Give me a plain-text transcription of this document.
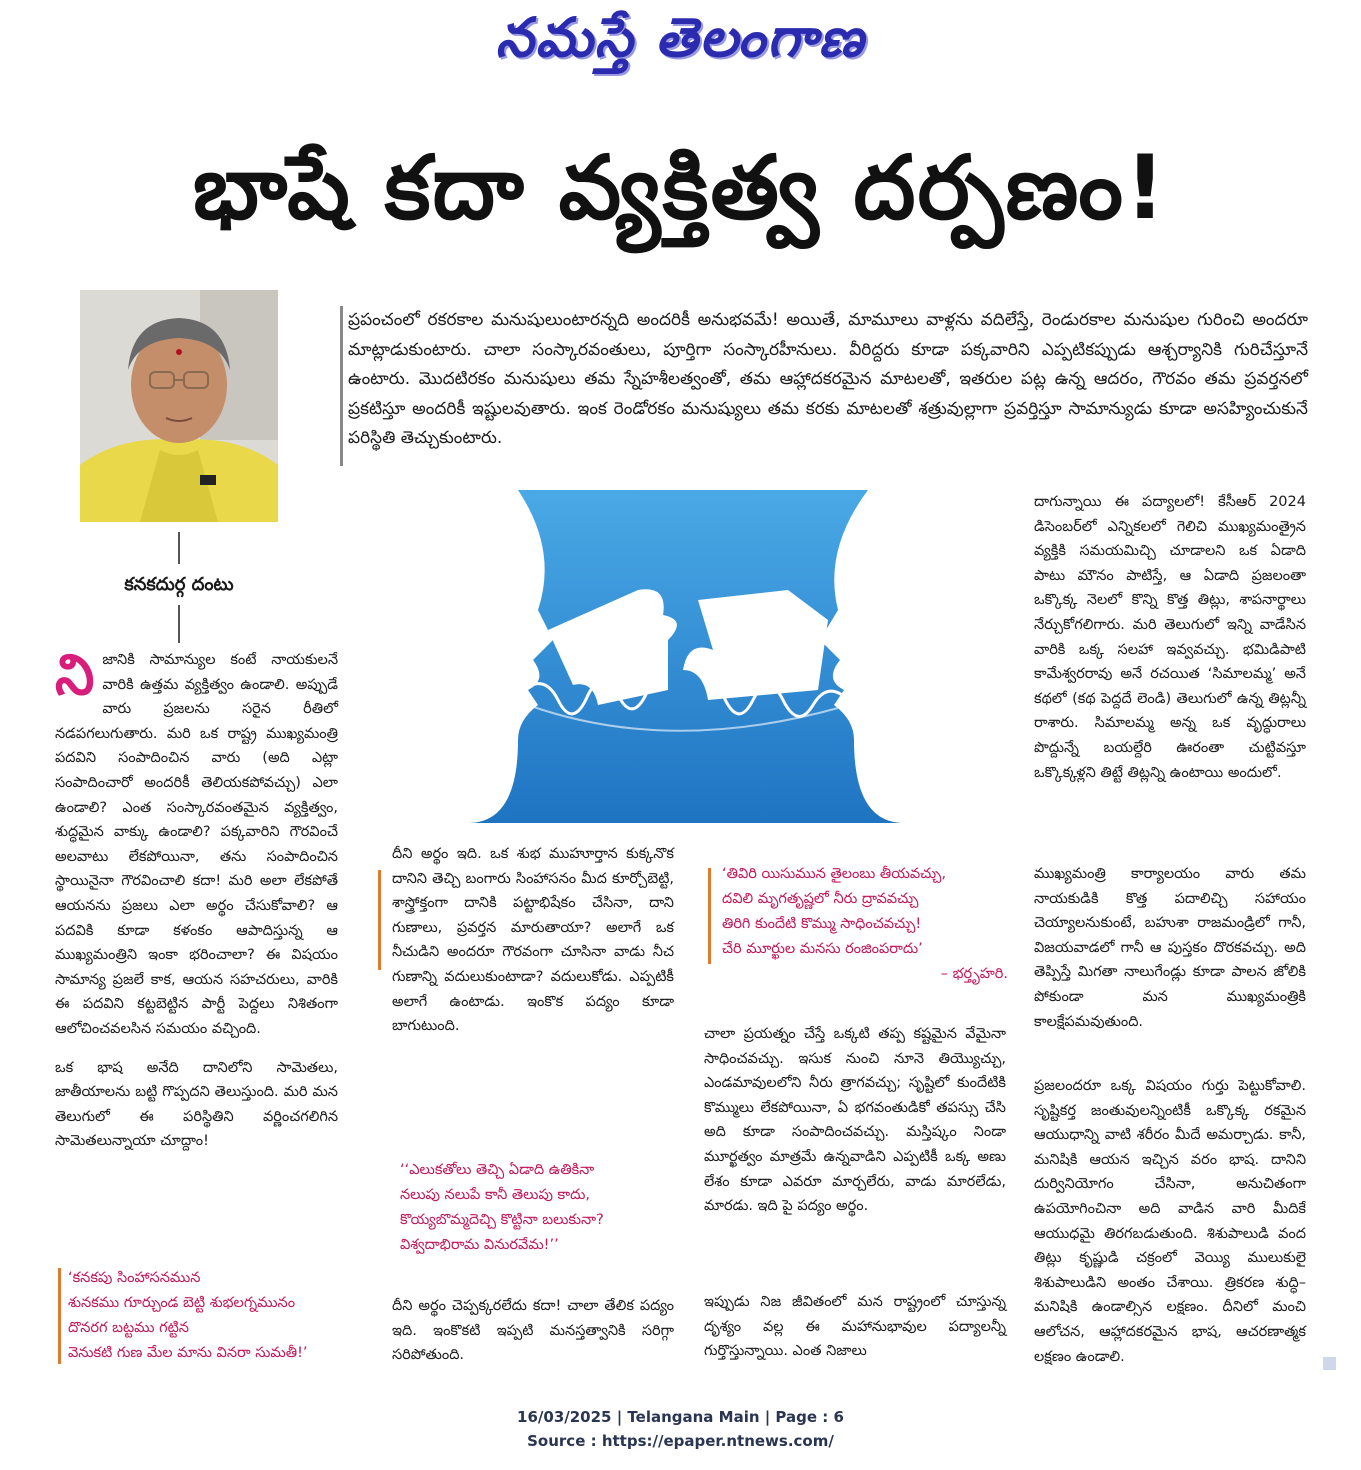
నమస్తే తెలంగాణ
భాషే కదా వ్యక్తిత్వ దర్పణం!
కనకదుర్గ దంటు
ప్రపంచంలో రకరకాల మనుషులుంటారన్నది అందరికీ అనుభవమే! అయితే, మామూలు వాళ్లను వదిలేస్తే, రెండురకాల మనుషుల గురించి అందరూ మాట్లాడుకుంటారు. చాలా సంస్కారవంతులు, పూర్తిగా సంస్కారహీనులు. వీరిద్దరు కూడా పక్కవారిని ఎప్పటికప్పుడు ఆశ్చర్యానికి గురిచేస్తూనే ఉంటారు. మొదటిరకం మనుషులు తమ స్నేహశీలత్వంతో, తమ ఆహ్లాదకరమైన మాటలతో, ఇతరుల పట్ల ఉన్న ఆదరం, గౌరవం తమ ప్రవర్తనలో ప్రకటిస్తూ అందరికీ ఇష్టులవుతారు. ఇంక రెండోరకం మనుష్యులు తమ కరకు మాటలతో శత్రువుల్లాగా ప్రవర్తిస్తూ సామాన్యుడు కూడా అసహ్యించుకునే పరిస్థితి తెచ్చుకుంటారు.

ని జానికి సామాన్యుల కంటే నాయకులనే వారికి ఉత్తమ వ్యక్తిత్వం ఉండాలి. అప్పుడే వారు ప్రజలను సరైన రీతిలో నడపగలుగుతారు. మరి ఒక రాష్ట్ర ముఖ్యమంత్రి పదవిని సంపాదించిన వారు (అది ఎట్లా సంపాదించారో అందరికీ తెలియకపోవచ్చు) ఎలా ఉండాలి? ఎంత సంస్కారవంతమైన వ్యక్తిత్వం, శుద్ధమైన వాక్కు ఉండాలి? పక్కవారిని గౌరవించే అలవాటు లేకపోయినా, తను సంపాదించిన స్థాయినైనా గౌరవించాలి కదా! మరి అలా లేకపోతే ఆయనను ప్రజలు ఎలా అర్థం చేసుకోవాలి? ఆ పదవికి కూడా కళంకం ఆపాదిస్తున్న ఆ ముఖ్యమంత్రిని ఇంకా భరించాలా? ఈ విషయం సామాన్య ప్రజలే కాక, ఆయన సహచరులు, వారికి ఈ పదవిని కట్టబెట్టిన పార్టీ పెద్దలు నిశితంగా ఆలోచించవలసిన సమయం వచ్చింది.

ఒక భాష అనేది దానిలోని సామెతలు, జాతీయాలను బట్టి గొప్పదని తెలుస్తుంది. మరి మన తెలుగులో ఈ పరిస్థితిని వర్ణించగలిగిన సామెతలున్నాయా చూద్దాం!

‘కనకపు సింహాసనమున
శునకము గూర్చుండ బెట్టి శుభలగ్నమునం
దొనరగ బట్టము గట్టిన
వెనుకటి గుణ మేల మాను వినరా సుమతీ!’
దీని అర్థం ఇది. ఒక శుభ ముహూర్తాన కుక్కనొక దానిని తెచ్చి బంగారు సింహాసనం మీద కూర్చోబెట్టి, శాస్త్రోక్తంగా దానికి పట్టాభిషేకం చేసినా, దాని గుణాలు, ప్రవర్తన మారుతాయా? అలాగే ఒక నీచుడిని అందరూ గౌరవంగా చూసినా వాడు నీచ గుణాన్ని వదులుకుంటాడా? వదులుకోడు. ఎప్పటికీ అలాగే ఉంటాడు. ఇంకొక పద్యం కూడా బాగుటుంది.
‘‘ఎలుకతోలు తెచ్చి ఏడాది ఉతికినా
నలుపు నలుపే కానీ తెలుపు కాదు,
కొయ్యబొమ్మదెచ్చి కొట్టినా బలుకునా?
విశ్వదాభిరామ వినురవేమ!’’
దీని అర్థం చెప్పక్కరలేదు కదా! చాలా తేలిక పద్యం ఇది. ఇంకొకటి ఇప్పటి మనస్తత్వానికి సరిగ్గా సరిపోతుంది.
‘తివిరి యిసుమున తైలంబు తీయవచ్చు,
దవిలి మృగతృష్ణలో నీరు ద్రావవచ్చు
తిరిగి కుందేటి కొమ్ము సాధించవచ్చు!
చేరి మూర్ఖుల మనసు రంజింపరాదు’
– భర్తృహరి.
చాలా ప్రయత్నం చేస్తే ఒక్కటి తప్ప కష్టమైన వేమైనా సాధించవచ్చు. ఇసుక నుంచి నూనె తియ్యొచ్చు, ఎండమావులలోని నీరు త్రాగవచ్చు; సృష్టిలో కుందేటికి కొమ్ములు లేకపోయినా, ఏ భగవంతుడికో తపస్సు చేసి అది కూడా సంపాదించవచ్చు. మస్తిష్కం నిండా మూర్ఖత్వం మాత్రమే ఉన్నవాడిని ఎప్పటికీ ఒక్క అణు లేశం కూడా ఎవరూ మార్చలేరు, వాడు మారలేడు, మారడు. ఇది పై పద్యం అర్థం.
ఇప్పుడు నిజ జీవితంలో మన రాష్ట్రంలో చూస్తున్న దృశ్యం వల్ల ఈ మహానుభావుల పద్యాలన్నీ గుర్తొస్తున్నాయి. ఎంత నిజాలు
దాగున్నాయి ఈ పద్యాలలో! కేసీఆర్ 2024 డిసెంబర్‌లో ఎన్నికలలో గెలిచి ముఖ్యమంత్రైన వ్యక్తికి సమయమిచ్చి చూడాలని ఒక ఏడాది పాటు మౌనం పాటిస్తే, ఆ ఏడాది ప్రజలంతా ఒక్కొక్క నెలలో కొన్ని కొత్త తిట్లు, శాపనార్థాలు నేర్చుకోగలిగారు. మరి తెలుగులో ఇన్ని వాడేసిన వారికి ఒక్క సలహా ఇవ్వవచ్చు. భమిడిపాటి కామేశ్వరరావు అనే రచయిత ‘సిమాలమ్మ’ అనే కథలో (కథ పెద్దదే లెండి) తెలుగులో ఉన్న తిట్లన్నీ రాశారు. సిమాలమ్మ అన్న ఒక వృద్ధురాలు పొద్దున్నే బయల్దేరి ఊరంతా చుట్టివస్తూ ఒక్కొక్కళ్లని తిట్టే తిట్లన్ని ఉంటాయి అందులో.
ముఖ్యమంత్రి కార్యాలయం వారు తమ నాయకుడికి కొత్త పదాలిచ్చి సహాయం చెయ్యాలనుకుంటే, బహుశా రాజమండ్రిలో గానీ, విజయవాడలో గానీ ఆ పుస్తకం దొరకవచ్చు. అది తెప్పిస్తే మిగతా నాలుగేండ్లు కూడా పాలన జోలికి పోకుండా మన ముఖ్యమంత్రికి కాలక్షేపమవుతుంది.
ప్రజలందరూ ఒక్క విషయం గుర్తు పెట్టుకోవాలి. సృష్టికర్త జంతువులన్నింటికీ ఒక్కొక్క రకమైన ఆయుధాన్ని వాటి శరీరం మీదే అమర్చాడు. కానీ, మనిషికి ఆయన ఇచ్చిన వరం భాష. దానిని దుర్వినియోగం చేసినా, అనుచితంగా ఉపయోగించినా అది వాడిన వారి మీదికే ఆయుధమై తిరగబడుతుంది. శిశుపాలుడి వంద తిట్లు కృష్ణుడి చక్రంలో వెయ్యి ములుకులై శిశుపాలుడిని అంతం చేశాయి. త్రికరణ శుద్ధి–మనిషికి ఉండాల్సిన లక్షణం. దీనిలో మంచి ఆలోచన, ఆహ్లాదకరమైన భాష, ఆచరణాత్మక లక్షణం ఉండాలి.
16/03/2025 | Telangana Main | Page : 6
Source : https://epaper.ntnews.com/
